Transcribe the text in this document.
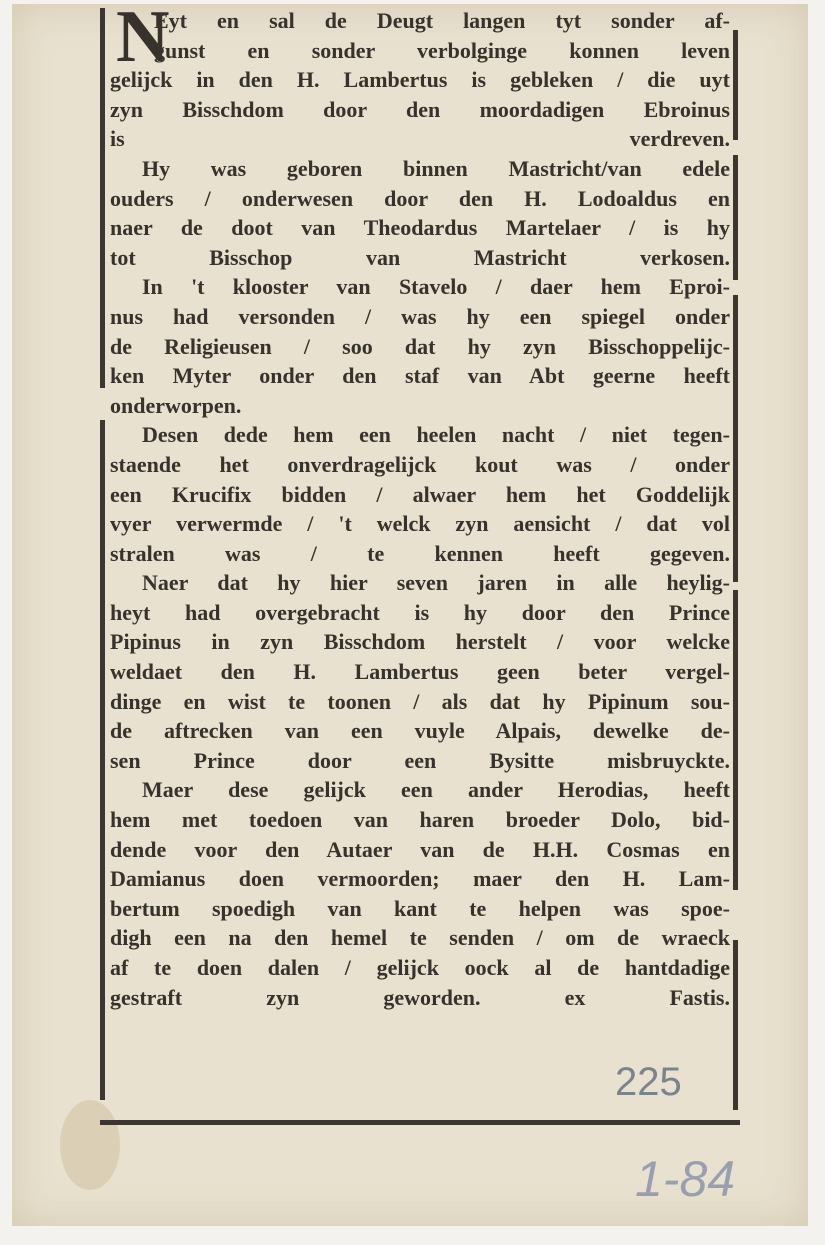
N
Eyt en sal de Deugt langen tyt sonder af-
gunst en sonder verbolginge konnen leven
gelijck in den H. Lambertus is gebleken / die uyt
zyn Bisschdom door den moordadigen Ebroinus
is verdreven.
Hy was geboren binnen Mastricht/van edele
ouders / onderwesen door den H. Lodoaldus en
naer de doot van Theodardus Martelaer / is hy
tot Bisschop van Mastricht verkosen.
In 't klooster van Stavelo / daer hem Eproi-
nus had versonden / was hy een spiegel onder
de Religieusen / soo dat hy zyn Bisschoppelijc-
ken Myter onder den staf van Abt geerne heeft
onderworpen.
Desen dede hem een heelen nacht / niet tegen-
staende het onverdragelijck kout was / onder
een Krucifix bidden / alwaer hem het Goddelijk
vyer verwermde / 't welck zyn aensicht / dat vol
stralen was / te kennen heeft gegeven.
Naer dat hy hier seven jaren in alle heylig-
heyt had overgebracht is hy door den Prince
Pipinus in zyn Bisschdom herstelt / voor welcke
weldaet den H. Lambertus geen beter vergel-
dinge en wist te toonen / als dat hy Pipinum sou-
de aftrecken van een vuyle Alpais, dewelke de-
sen Prince door een Bysitte misbruyckte.
Maer dese gelijck een ander Herodias, heeft
hem met toedoen van haren broeder Dolo, bid-
dende voor den Autaer van de H.H. Cosmas en
Damianus doen vermoorden; maer den H. Lam-
bertum spoedigh van kant te helpen was spoe-
digh een na den hemel te senden / om de wraeck
af te doen dalen / gelijck oock al de hantdadige
gestraft zyn geworden. ex Fastis.
225
1-84
